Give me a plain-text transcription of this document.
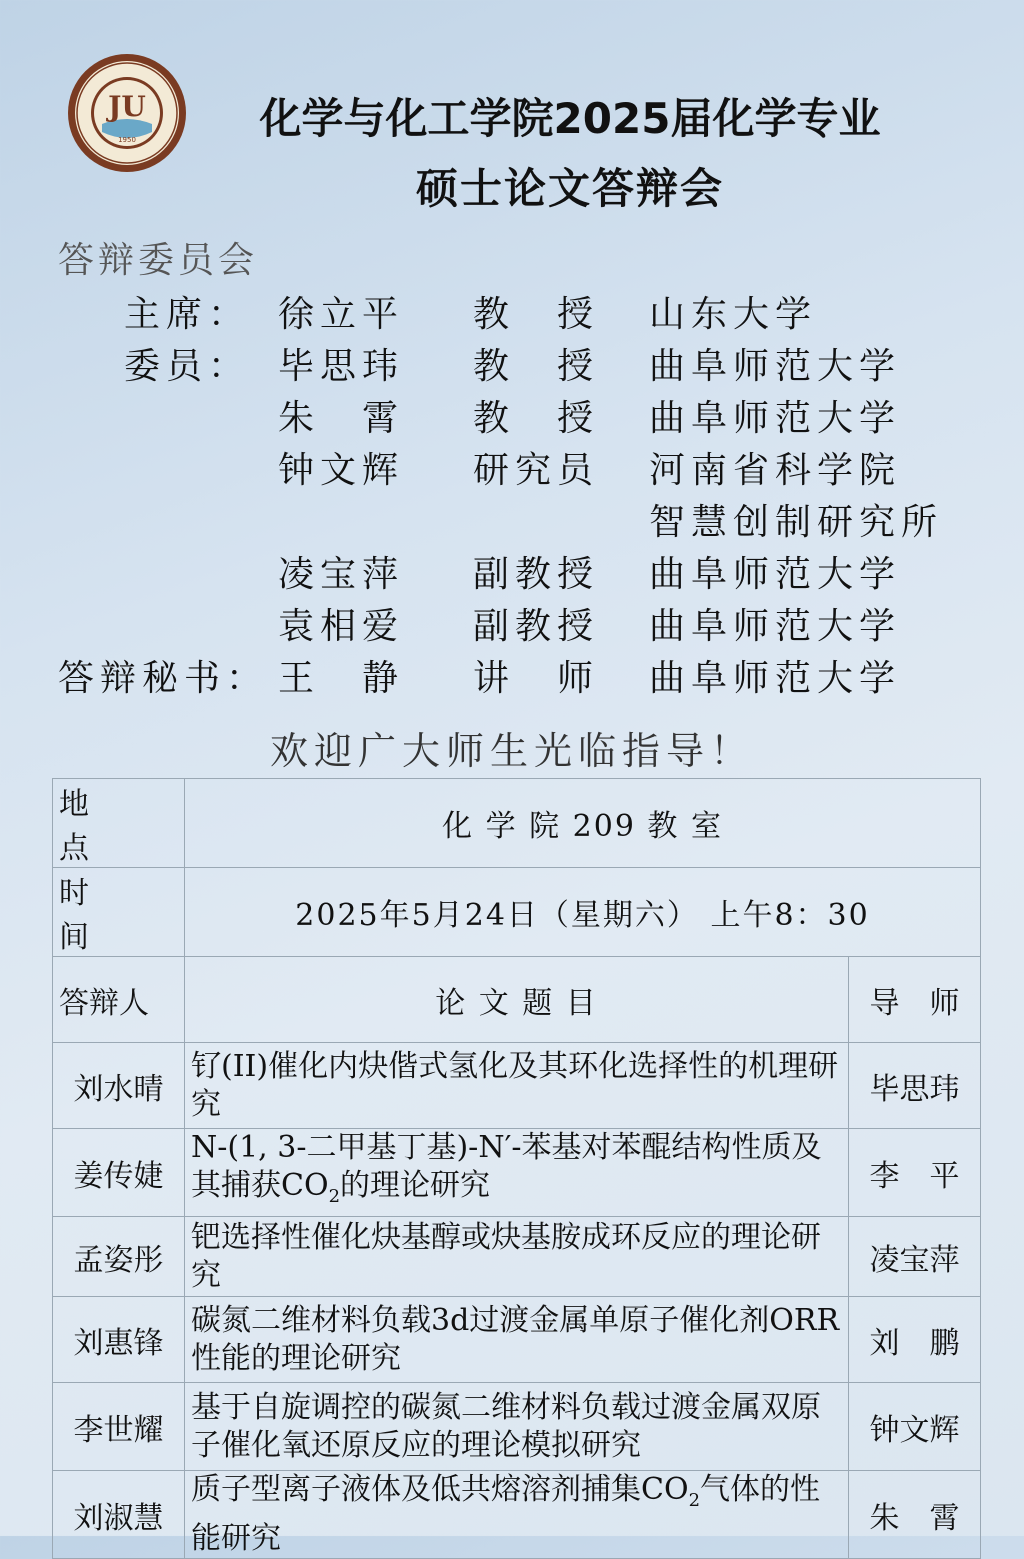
JU
1950	化学与化工学院2025届化学专业
硕士论文答辩会
答辩委员会
主席： 徐立平 教　授 山东大学
委员： 毕思玮 教　授 曲阜师范大学
朱　霄 教　授 曲阜师范大学
钟文辉 研究员 河南省科学院
智慧创制研究所
凌宝萍 副教授 曲阜师范大学
袁相爱 副教授 曲阜师范大学
答辩秘书： 王　静 讲　师 曲阜师范大学
欢迎广大师生光临指导！
地点	化 学 院 209 教 室	
时间	2025年5月24日（星期六） 上午8：30	
答辩人	论 文 题 目	导　师
刘水晴	钌(II)催化内炔偕式氢化及其环化选择性的机理研究	毕思玮
姜传婕	N-(1, 3-二甲基丁基)-N′-苯基对苯醌结构性质及其捕获$CO_2$的理论研究	李　平
孟姿彤	钯选择性催化炔基醇或炔基胺成环反应的理论研究	凌宝萍
刘惠锋	碳氮二维材料负载3d过渡金属单原子催化剂ORR性能的理论研究	刘　鹏
李世耀	基于自旋调控的碳氮二维材料负载过渡金属双原子催化氧还原反应的理论模拟研究	钟文辉
刘淑慧	质子型离子液体及低共熔溶剂捕集$CO_2$气体的性能研究	朱　霄
